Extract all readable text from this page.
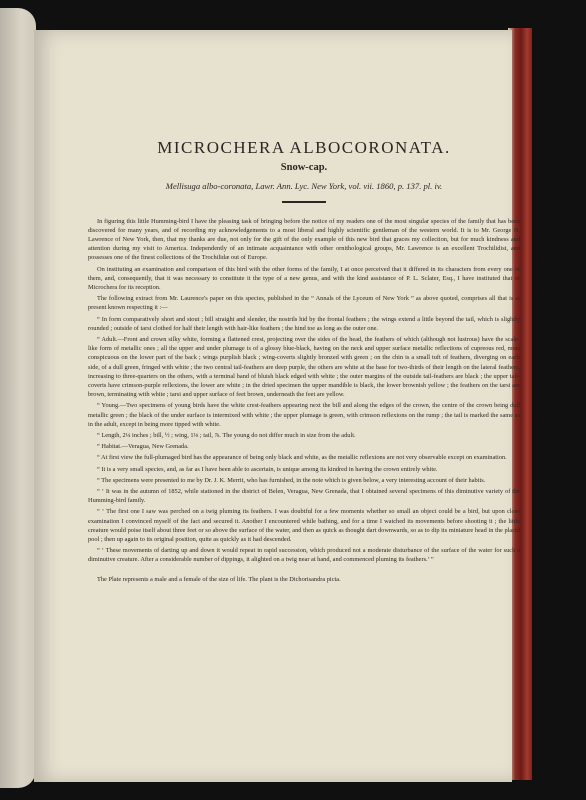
MICROCHERA ALBOCORONATA.
Snow-cap.
Mellisuga albo-coronata, Lawr. Ann. Lyc. New York, vol. vii. 1860, p. 137. pl. iv.

In figuring this little Humming-bird I have the pleasing task of bringing before the notice of my readers one of the most singular species of the family that has been discovered for many years, and of recording my acknowledgements to a most liberal and highly scientific gentleman of the western world. It is to Mr. George N. Lawrence of New York, then, that my thanks are due, not only for the gift of the only example of this new bird that graces my collection, but for much kindness and attention during my visit to America. Independently of an intimate acquaintance with other ornithological groups, Mr. Lawrence is an excellent Trochilidist, and possesses one of the finest collections of the Trochilidæ out of Europe.

On instituting an examination and comparison of this bird with the other forms of the family, I at once perceived that it differed in its characters from every one of them, and, consequently, that it was necessary to constitute it the type of a new genus, and with the kind assistance of P. L. Sclater, Esq., I have instituted that of Microchera for its reception.

The following extract from Mr. Laurence's paper on this species, published in the “ Annals of the Lyceum of New York ” as above quoted, comprises all that is at present known respecting it :—

“ In form comparatively short and stout ; bill straight and slender, the nostrils hid by the frontal feathers ; the wings extend a little beyond the tail, which is slightly rounded ; outside of tarsi clothed for half their length with hair-like feathers ; the hind toe as long as the outer one.

“ Adult.—Front and crown silky white, forming a flattened crest, projecting over the sides of the head, the feathers of which (although not lustrous) have the scale-like form of metallic ones ; all the upper and under plumage is of a glossy blue-black, having on the neck and upper surface metallic reflections of cupreous red, most conspicuous on the lower part of the back ; wings purplish black ; wing-coverts slightly bronzed with green ; on the chin is a small tuft of feathers, diverging on each side, of a dull green, fringed with white ; the two central tail-feathers are deep purple, the others are white at the base for two-thirds of their length on the lateral feathers, increasing to three-quarters on the others, with a terminal band of bluish black edged with white ; the outer margins of the outside tail-feathers are black ; the upper tail-coverts have crimson-purple reflexions, the lower are white ; in the dried specimen the upper mandible is black, the lower brownish yellow ; the feathers on the tarsi are brown, terminating with white ; tarsi and upper surface of feet brown, underneath the feet are yellow.

“ Young.—Two specimens of young birds have the white crest-feathers appearing next the bill and along the edges of the crown, the centre of the crown being dull metallic green ; the black of the under surface is intermixed with white ; the upper plumage is green, with crimson reflexions on the rump ; the tail is marked the same as in the adult, except in being more tipped with white.

“ Length, 2¼ inches ; bill, ½ ; wing, 1⅛ ; tail, ⅞. The young do not differ much in size from the adult.

“ Habitat.—Veragua, New Grenada.

“ At first view the full-plumaged bird has the appearance of being only black and white, as the metallic reflexions are not very observable except on examination.

“ It is a very small species, and, as far as I have been able to ascertain, is unique among its kindred in having the crown entirely white.

“ The specimens were presented to me by Dr. J. K. Merrit, who has furnished, in the note which is given below, a very interesting account of their habits.

“ ‘ It was in the autumn of 1852, while stationed in the district of Belen, Veragua, New Grenada, that I obtained several specimens of this diminutive variety of the Humming-bird family.

“ ‘ The first one I saw was perched on a twig pluming its feathers. I was doubtful for a few moments whether so small an object could be a bird, but upon close examination I convinced myself of the fact and secured it. Another I encountered while bathing, and for a time I watched its movements before shooting it ; the little creature would poise itself about three feet or so above the surface of the water, and then as quick as thought dart downwards, so as to dip its miniature head in the placid pool ; then up again to its original position, quite as quickly as it had descended.

“ ‘ These movements of darting up and down it would repeat in rapid succession, which produced not a moderate disturbance of the surface of the water for such a diminutive creature. After a considerable number of dippings, it alighted on a twig near at hand, and commenced pluming its feathers.’ ”

The Plate represents a male and a female of the size of life. The plant is the Dichorisandra picta.
